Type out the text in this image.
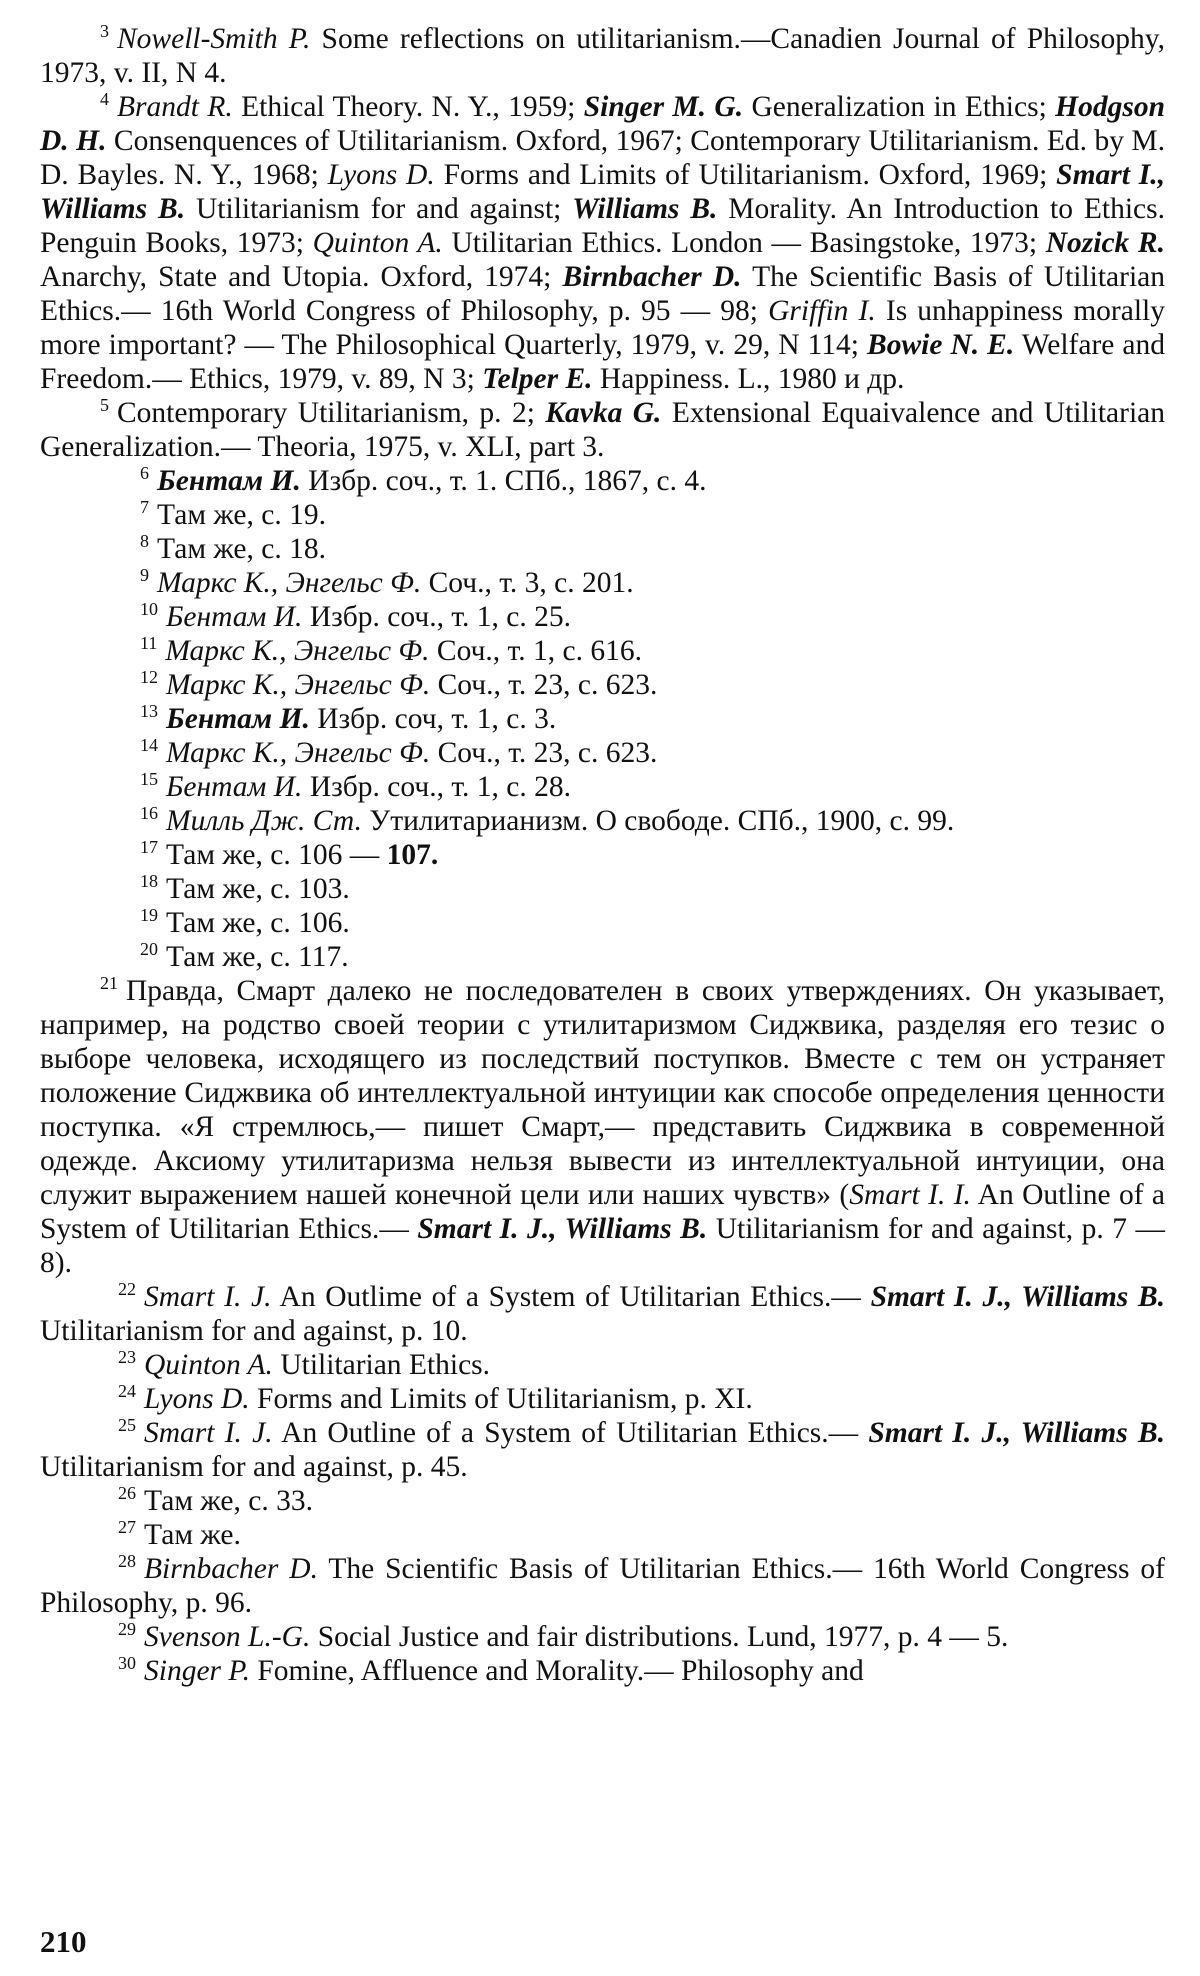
$^3$ Nowell-Smith P. Some reflections on utilitarianism.—Canadien Journal of Philosophy, 1973, v. II, N 4.

$^4$ Brandt R. Ethical Theory. N. Y., 1959; Singer M. G. Generalization in Ethics; Hodgson D. H. Consenquences of Utilitarianism. Oxford, 1967; Contemporary Utilitarianism. Ed. by M. D. Bayles. N. Y., 1968; Lyons D. Forms and Limits of Utilitarianism. Oxford, 1969; Smart I., Williams B. Utilitarianism for and against; Williams B. Morality. An Introduction to Ethics. Penguin Books, 1973; Quinton A. Utilitarian Ethics. London — Basingstoke, 1973; Nozick R. Anarchy, State and Utopia. Oxford, 1974; Birnbacher D. The Scientific Basis of Utilitarian Ethics.— 16th World Congress of Philosophy, p. 95 — 98; Griffin I. Is unhappiness morally more important? — The Philosophical Quarterly, 1979, v. 29, N 114; Bowie N. E. Welfare and Freedom.— Ethics, 1979, v. 89, N 3; Telper E. Happiness. L., 1980 и др.

$^5$ Contemporary Utilitarianism, p. 2; Kavka G. Extensional Equaivalence and Utilitarian Generalization.— Theoria, 1975, v. XLI, part 3.

$^6$ Бентам И. Избр. соч., т. 1. СПб., 1867, с. 4.

$^7$ Там же, с. 19.

$^8$ Там же, с. 18.

$^9$ Маркс К., Энгельс Ф. Соч., т. 3, с. 201.

$^{10}$ Бентам И. Избр. соч., т. 1, с. 25.

$^{11}$ Маркс К., Энгельс Ф. Соч., т. 1, с. 616.

$^{12}$ Маркс К., Энгельс Ф. Соч., т. 23, с. 623.

$^{13}$ Бентам И. Избр. соч, т. 1, с. 3.

$^{14}$ Маркс К., Энгельс Ф. Соч., т. 23, с. 623.

$^{15}$ Бентам И. Избр. соч., т. 1, с. 28.

$^{16}$ Милль Дж. Ст. Утилитарианизм. О свободе. СПб., 1900, с. 99.

$^{17}$ Там же, с. 106 — 107.

$^{18}$ Там же, с. 103.

$^{19}$ Там же, с. 106.

$^{20}$ Там же, с. 117.

$^{21}$ Правда, Смарт далеко не последователен в своих утверждениях. Он указывает, например, на родство своей теории с утилитаризмом Сиджвика, разделяя его тезис о выборе человека, исходящего из последствий поступков. Вместе с тем он устраняет положение Сиджвика об интеллектуальной интуиции как способе определения ценности поступка. «Я стремлюсь,— пишет Смарт,— представить Сиджвика в современной одежде. Аксиому утилитаризма нельзя вывести из интеллектуальной интуиции, она служит выражением нашей конечной цели или наших чувств» (Smart I. I. An Outline of a System of Utilitarian Ethics.— Smart I. J., Williams B. Utilitarianism for and against, p. 7 — 8).

$^{22}$ Smart I. J. An Outlime of a System of Utilitarian Ethics.— Smart I. J., Williams B. Utilitarianism for and against, p. 10.

$^{23}$ Quinton A. Utilitarian Ethics.

$^{24}$ Lyons D. Forms and Limits of Utilitarianism, p. XI.

$^{25}$ Smart I. J. An Outline of a System of Utilitarian Ethics.— Smart I. J., Williams B. Utilitarianism for and against, p. 45.

$^{26}$ Там же, с. 33.

$^{27}$ Там же.

$^{28}$ Birnbacher D. The Scientific Basis of Utilitarian Ethics.— 16th World Congress of Philosophy, p. 96.

$^{29}$ Svenson L.-G. Social Justice and fair distributions. Lund, 1977, p. 4 — 5.

$^{30}$ Singer P. Fomine, Affluence and Morality.— Philosophy and

210
